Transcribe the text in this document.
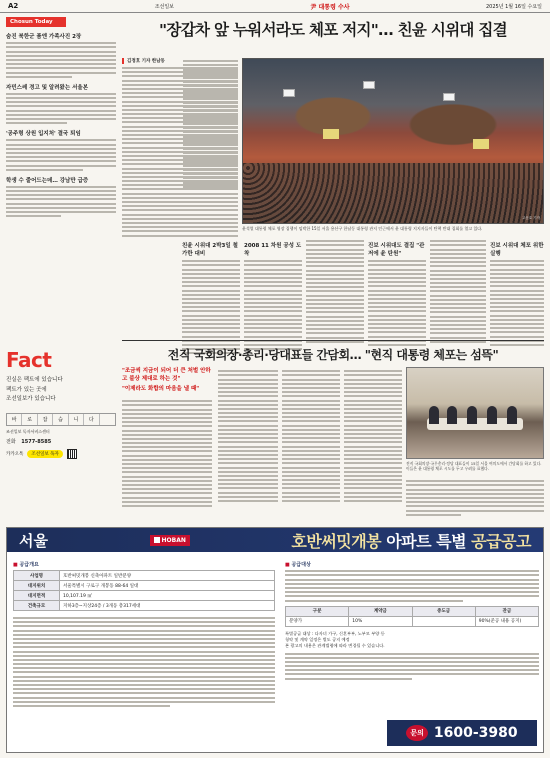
A2	조선일보	尹 대통령 수사	2025년 1월 16일 수요일
Chosun Today
숨진 북한군 품엔 가족사진 2장
자민스레 경고 및 알려왔는 서울본
'공주형 상원 입지처' 결국 퇴임
학생 수 줄어드는데… 강남만 급증
Fact
진실은 팩트에 있습니다
팩트가 있는 곳에
조선일보가 있습니다
바	로	잡	습	니	다
조선일보 독자서비스센터
전화 1577-8585
카카오톡	조선일보 독자
"장갑차 앞 누워서라도 체포 저지"… 친윤 시위대 집결
김정호 기자 한남동
고운호 기자
윤석열 대통령 체포 영장 집행이 임박한 15일 서울 용산구 한남동 대통령 관저 인근에서 윤 대통령 지지자들이 탄핵 반대 집회를 열고 있다.
친윤 시위대 2박3일 철가한 대비
2008 11 차원 공성 도착
진보 시위대도 결집 "관저에 윤 탄원"
진보 시위대 체포 위한 실행
전직 국회의장·총리·당대표들 간담회… "현직 대통령 체포는 섬뜩"
"조금씩 지금이 되어 더 큰 처벌 안하고 불상 제대로 하는 것"
"이제라도 화합의 마음을 낼 때"
전직 국회의장·국무총리·정당 대표들이 15일 서울 여의도에서 간담회를 하고 있다. 이들은 윤 대통령 체포 시도를 두고 우려를 표했다.
서울	HOBAN	호반써밋개봉 아파트 특별 공급공고
■ 공급개요
사업명	호반써밋개봉 신축아파트 일반분양
대지위치	서울특별시 구로구 개봉동 88-64 일대
대지면적	10,107.19 ㎡
건축규모	지하3층~지상24층 / 3개동 총317세대
■ 공급대상
구분	계약금	중도금	잔금
분양가	10%		90%(준공 내용 공지)
특별공급 대상 : 다자녀 가구, 신혼부부, 노부모 부양 등
청약 및 계약 일정은 별도 공지 예정
본 광고의 내용은 관계법령에 따라 변경될 수 있습니다.
문의 1600-3980
